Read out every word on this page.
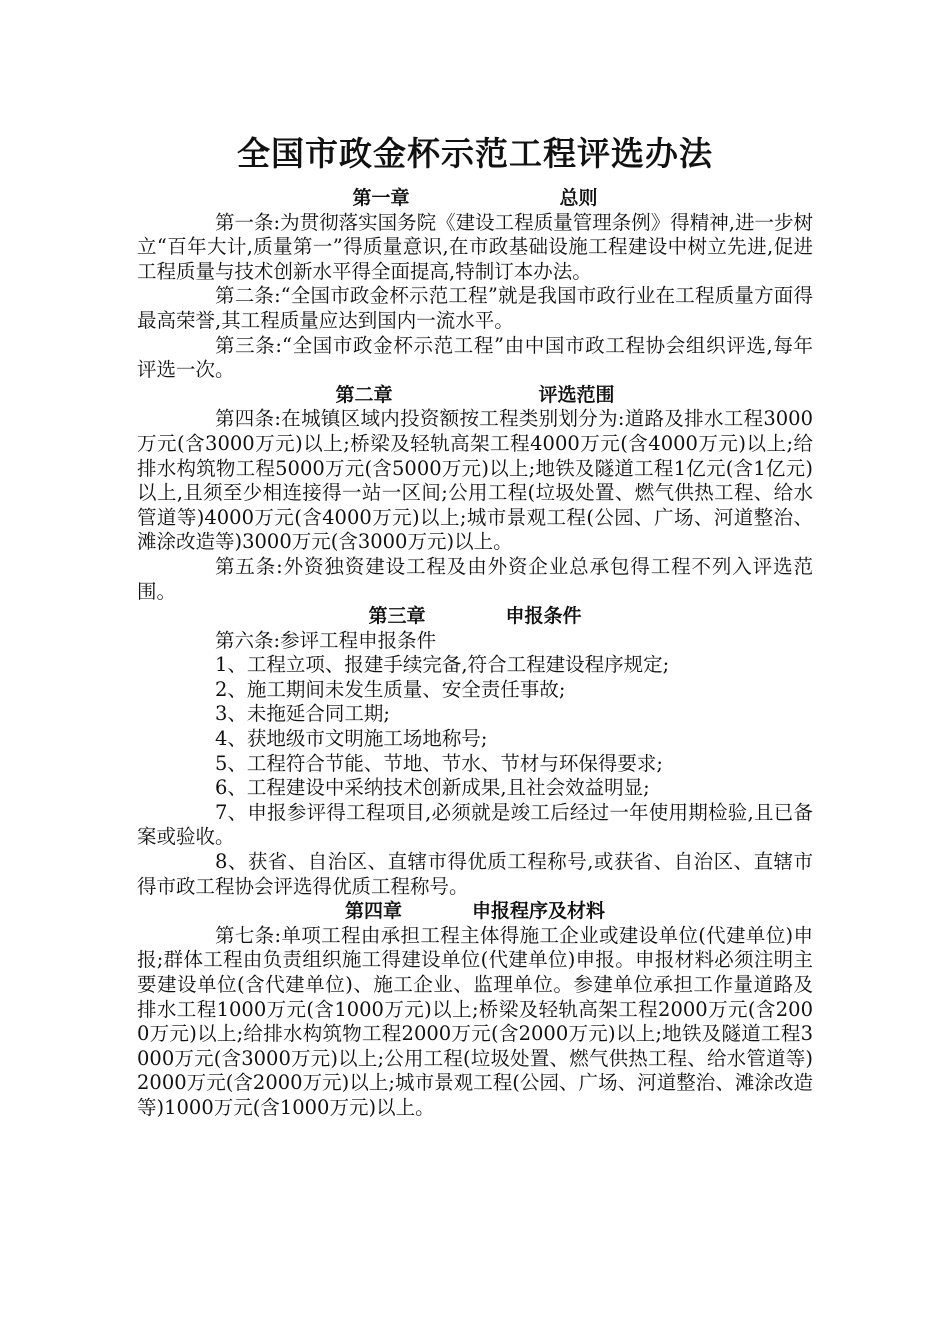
全国市政金杯示范工程评选办法
第一章	总则

第一条:为贯彻落实国务院《建设工程质量管理条例》得精神,进一步树立“百年大计,质量第一”得质量意识,在市政基础设施工程建设中树立先进,促进工程质量与技术创新水平得全面提高,特制订本办法。

第二条:“全国市政金杯示范工程”就是我国市政行业在工程质量方面得最高荣誉,其工程质量应达到国内一流水平。

第三条:“全国市政金杯示范工程”由中国市政工程协会组织评选,每年评选一次。

第二章	评选范围

第四条:在城镇区域内投资额按工程类别划分为:道路及排水工程3000万元(含3000万元)以上;桥梁及轻轨高架工程4000万元(含4000万元)以上;给排水构筑物工程5000万元(含5000万元)以上;地铁及隧道工程1亿元(含1亿元)以上,且须至少相连接得一站一区间;公用工程(垃圾处置、燃气供热工程、给水管道等)4000万元(含4000万元)以上;城市景观工程(公园、广场、河道整治、滩涂改造等)3000万元(含3000万元)以上。

第五条:外资独资建设工程及由外资企业总承包得工程不列入评选范围。

第三章	申报条件

第六条:参评工程申报条件

1、工程立项、报建手续完备,符合工程建设程序规定;

2、施工期间未发生质量、安全责任事故;

3、未拖延合同工期;

4、获地级市文明施工场地称号;

5、工程符合节能、节地、节水、节材与环保得要求;

6、工程建设中采纳技术创新成果,且社会效益明显;

7、申报参评得工程项目,必须就是竣工后经过一年使用期检验,且已备案或验收。

8、获省、自治区、直辖市得优质工程称号,或获省、自治区、直辖市得市政工程协会评选得优质工程称号。

第四章	申报程序及材料

第七条:单项工程由承担工程主体得施工企业或建设单位(代建单位)申报;群体工程由负责组织施工得建设单位(代建单位)申报。申报材料必须注明主要建设单位(含代建单位)、施工企业、监理单位。参建单位承担工作量道路及排水工程1000万元(含1000万元)以上;桥梁及轻轨高架工程2000万元(含2000万元)以上;给排水构筑物工程2000万元(含2000万元)以上;地铁及隧道工程3000万元(含3000万元)以上;公用工程(垃圾处置、燃气供热工程、给水管道等)2000万元(含2000万元)以上;城市景观工程(公园、广场、河道整治、滩涂改造等)1000万元(含1000万元)以上。
